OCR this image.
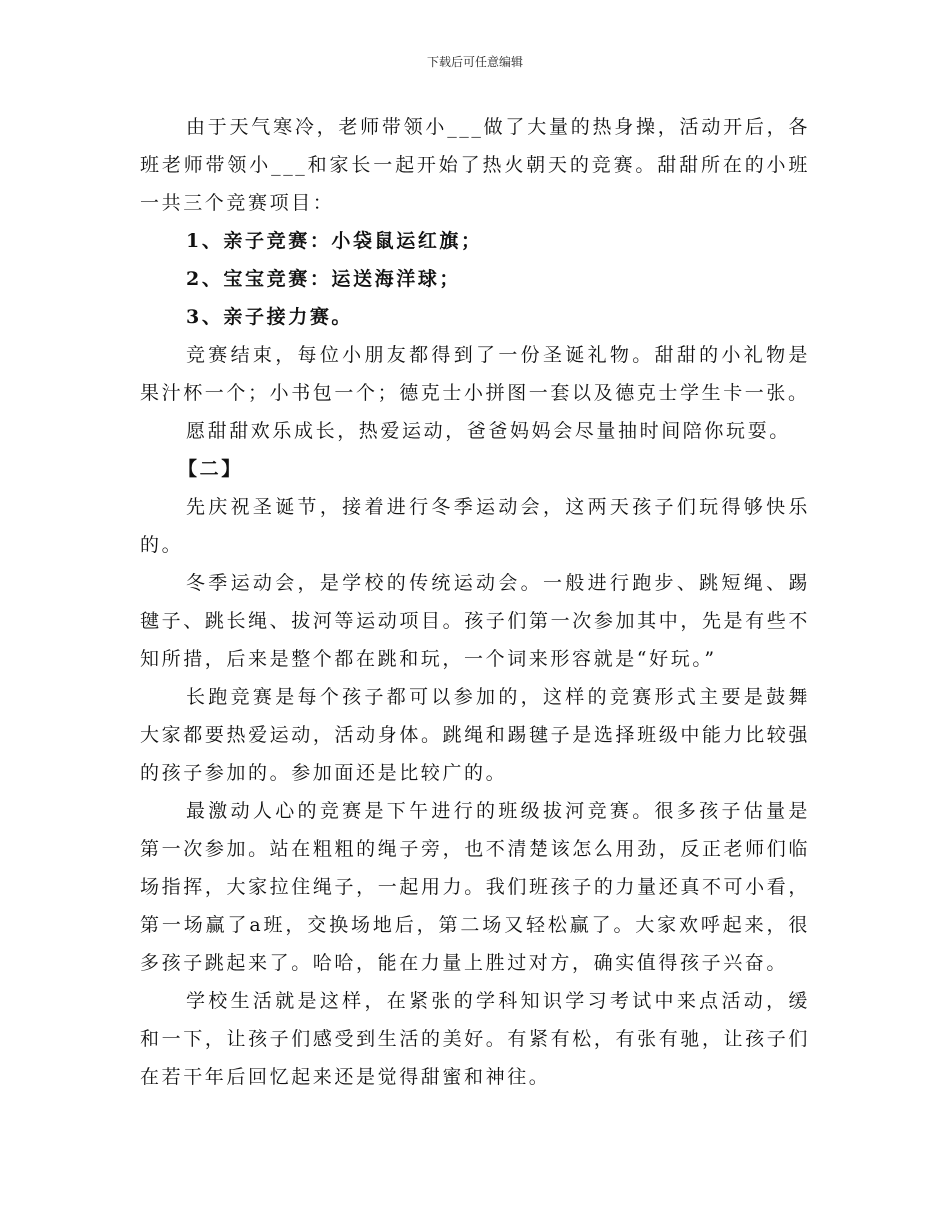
下载后可任意编辑

由于天气寒冷，老师带领小___做了大量的热身操，活动开后，各班老师带领小___和家长一起开始了热火朝天的竞赛。甜甜所在的小班一共三个竞赛项目：

1、亲子竞赛：小袋鼠运红旗；

2、宝宝竞赛：运送海洋球；

3、亲子接力赛。

竞赛结束，每位小朋友都得到了一份圣诞礼物。甜甜的小礼物是果汁杯一个；小书包一个；德克士小拼图一套以及德克士学生卡一张。

愿甜甜欢乐成长，热爱运动，爸爸妈妈会尽量抽时间陪你玩耍。

【二】

先庆祝圣诞节，接着进行冬季运动会，这两天孩子们玩得够快乐的。

冬季运动会，是学校的传统运动会。一般进行跑步、跳短绳、踢毽子、跳长绳、拔河等运动项目。孩子们第一次参加其中，先是有些不知所措，后来是整个都在跳和玩，一个词来形容就是“好玩。”

长跑竞赛是每个孩子都可以参加的，这样的竞赛形式主要是鼓舞大家都要热爱运动，活动身体。跳绳和踢毽子是选择班级中能力比较强的孩子参加的。参加面还是比较广的。

最激动人心的竞赛是下午进行的班级拔河竞赛。很多孩子估量是第一次参加。站在粗粗的绳子旁，也不清楚该怎么用劲，反正老师们临场指挥，大家拉住绳子，一起用力。我们班孩子的力量还真不可小看，第一场赢了a班，交换场地后，第二场又轻松赢了。大家欢呼起来，很多孩子跳起来了。哈哈，能在力量上胜过对方，确实值得孩子兴奋。

学校生活就是这样，在紧张的学科知识学习考试中来点活动，缓和一下，让孩子们感受到生活的美好。有紧有松，有张有驰，让孩子们在若干年后回忆起来还是觉得甜蜜和神往。
